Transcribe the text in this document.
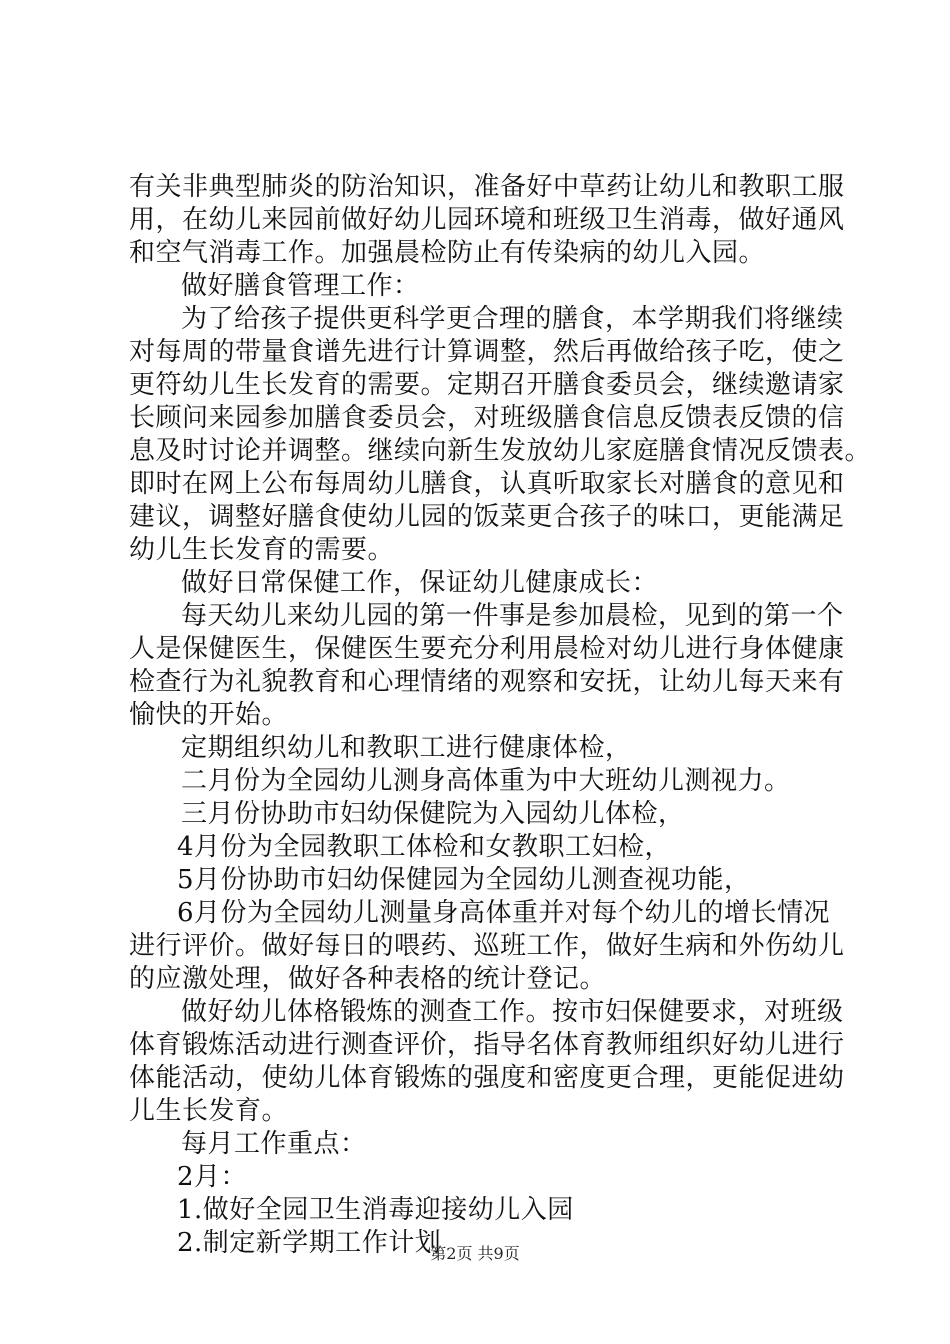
有关非典型肺炎的防治知识，准备好中草药让幼儿和教职工服
用，在幼儿来园前做好幼儿园环境和班级卫生消毒，做好通风
和空气消毒工作。加强晨检防止有传染病的幼儿入园。
做好膳食管理工作：
为了给孩子提供更科学更合理的膳食，本学期我们将继续
对每周的带量食谱先进行计算调整，然后再做给孩子吃，使之
更符幼儿生长发育的需要。定期召开膳食委员会，继续邀请家
长顾问来园参加膳食委员会，对班级膳食信息反馈表反馈的信
息及时讨论并调整。继续向新生发放幼儿家庭膳食情况反馈表。
即时在网上公布每周幼儿膳食，认真听取家长对膳食的意见和
建议，调整好膳食使幼儿园的饭菜更合孩子的味口，更能满足
幼儿生长发育的需要。
做好日常保健工作，保证幼儿健康成长：
每天幼儿来幼儿园的第一件事是参加晨检，见到的第一个
人是保健医生，保健医生要充分利用晨检对幼儿进行身体健康
检查行为礼貌教育和心理情绪的观察和安抚，让幼儿每天来有
愉快的开始。
定期组织幼儿和教职工进行健康体检，
二月份为全园幼儿测身高体重为中大班幼儿测视力。
三月份协助市妇幼保健院为入园幼儿体检，
4月份为全园教职工体检和女教职工妇检，
5月份协助市妇幼保健园为全园幼儿测查视功能，
6月份为全园幼儿测量身高体重并对每个幼儿的增长情况
进行评价。做好每日的喂药、巡班工作，做好生病和外伤幼儿
的应激处理，做好各种表格的统计登记。
做好幼儿体格锻炼的测查工作。按市妇保健要求，对班级
体育锻炼活动进行测查评价，指导名体育教师组织好幼儿进行
体能活动，使幼儿体育锻炼的强度和密度更合理，更能促进幼
儿生长发育。
每月工作重点：
2月：
1.做好全园卫生消毒迎接幼儿入园
2.制定新学期工作计划
第2页 共9页
